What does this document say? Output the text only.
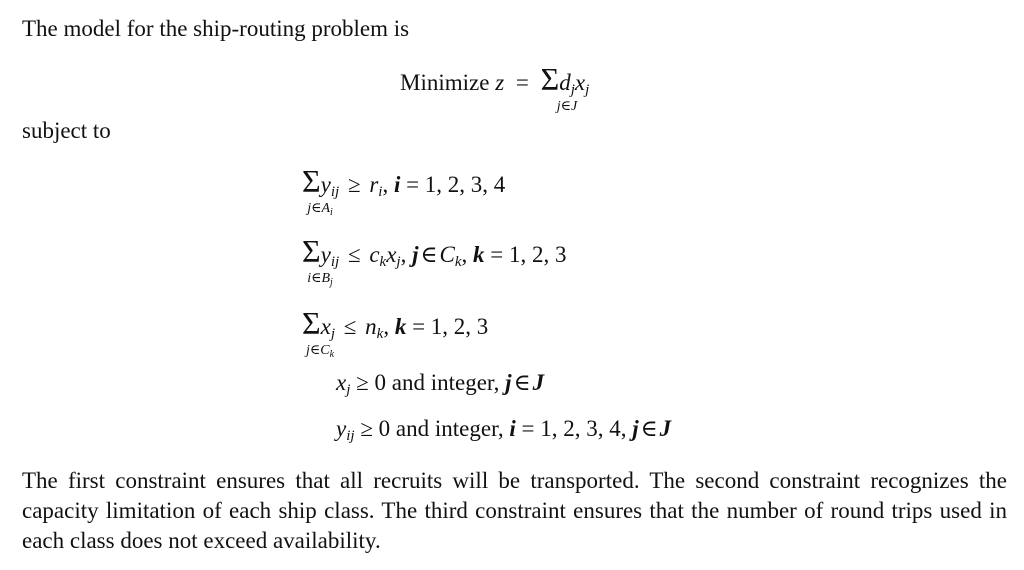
The model for the ship-routing problem is
Minimize $z = \Sigma d_jx_j$
j∈J
subject to
$\Sigma y_{ij} \ge r_i$, i = 1, 2, 3, 4
$j\in A_i$
$\Sigma y_{ij} \le c_kx_j$, $j\in C_k$, k = 1, 2, 3
$i\in B_j$
$\Sigma x_j \le n_k$, k = 1, 2, 3
$j\in C_k$
$x_j \ge 0$ and integer, j∈J
$y_{ij} \ge 0$ and integer, i = 1, 2, 3, 4, j∈J
The first constraint ensures that all recruits will be transported. The second constraint recognizes the capacity limitation of each ship class. The third constraint ensures that the number of round trips used in each class does not exceed availability.
